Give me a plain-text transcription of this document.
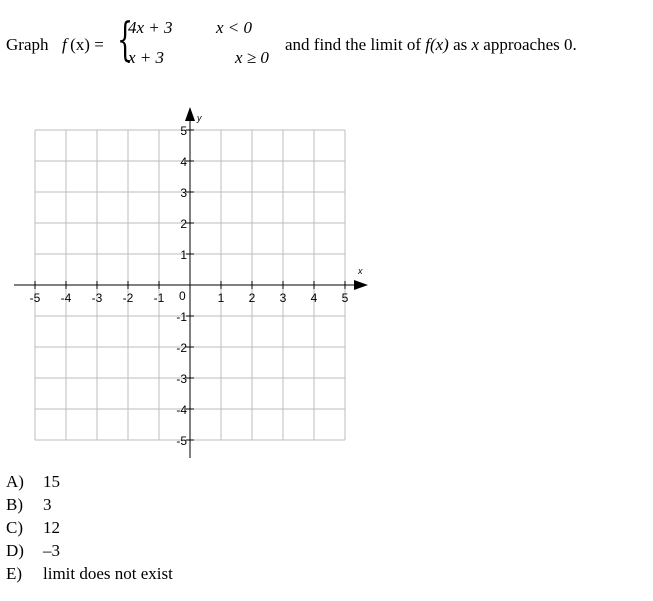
Graph f  (x) = {
4x + 3	x < 0
x + 3	x ≥ 0
and find the limit of f(x) as x approaches 0.
x
y
0
-5 -4 -3 -2 -1	1 2 3 4 5
5
4
3
2
1
-1
-2
-3
-4
-5
A) 15
B) 3
C) 12
D) –3
E) limit does not exist
